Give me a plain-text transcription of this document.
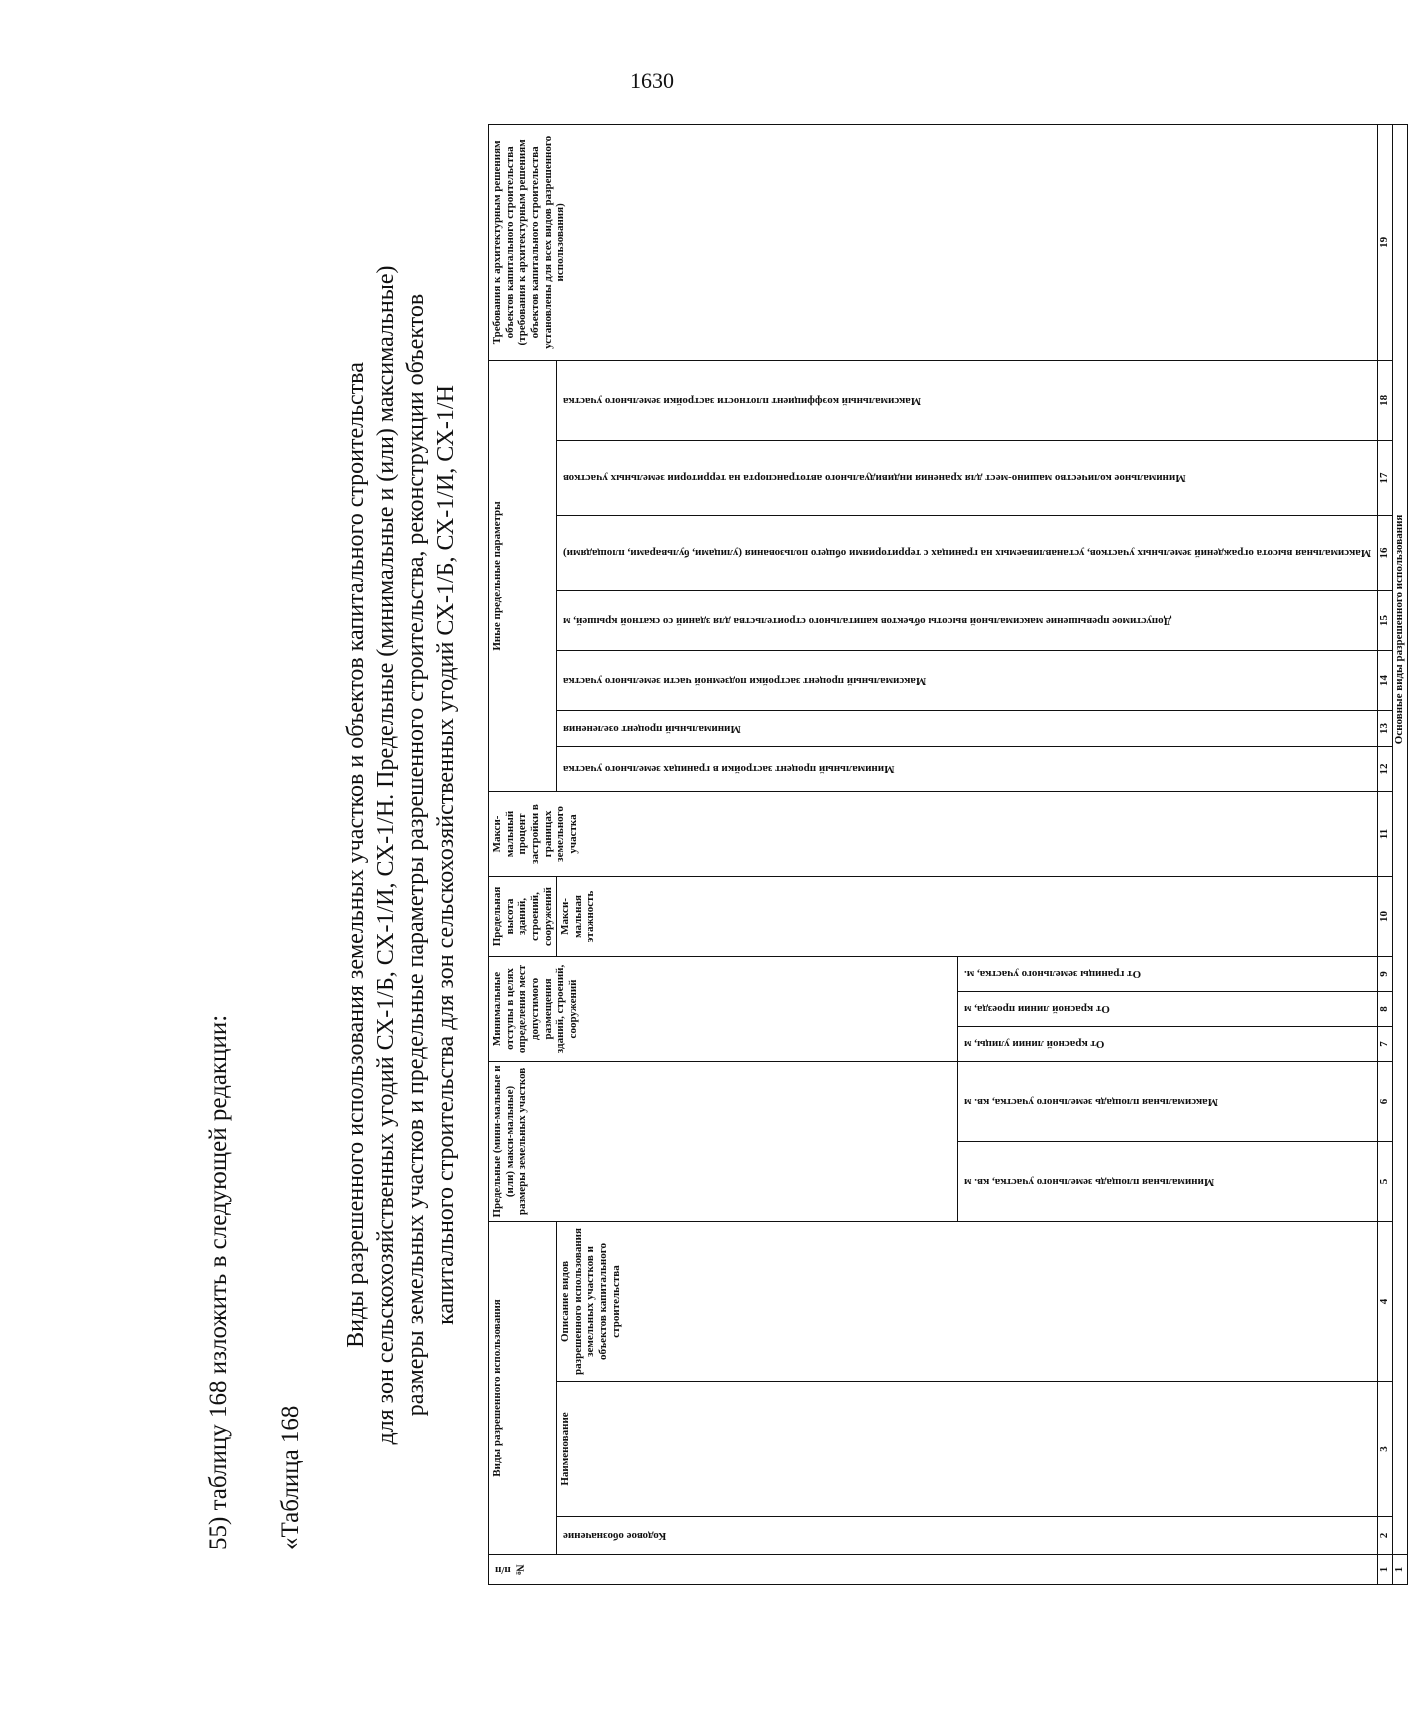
1630
55) таблицу 168 изложить в следующей редакции: «Таблица 168
Виды разрешенного использования земельных участков и объектов капитального строительства для зон сельскохозяйственных угодий СХ-1/Б, СХ-1/И, СХ-1/Н. Предельные (минимальные и (или) максимальные) размеры земельных участков и предельные параметры разрешенного строительства, реконструкции объектов капитального строительства для зон сельскохозяйственных угодий СХ-1/Б, СХ-1/И, СХ-1/Н
№ п/п	Виды разрешенного использования			Предельные (мини-мальные и (или) макси-мальные) размеры земельных участков		Минимальные отступы в целях определения мест допустимого размещения зданий, строений, сооружений			Предельная высота зданий, строений, сооружений	Макси-мальный процент застройки в границах земельного участка	Иные предельные параметры							Требования к архитектурным решениям объектов капитального строительства (требования к архитектурным решениям объектов капитального строительства установлены для всех видов разрешенного использования)

	Кодовое обозначение	Наименование	Описание видов разрешенного использования земельных участков и объектов капитального строительства						Макси-мальная этажность		Минимальный процент застройки в границах земельного участка	Минимальный процент озеленения	Максимальный процент застройки подземной части земельного участка	Допустимое превышение максимальной высоты объектов капитального строительства для зданий со скатной крышей, м	Максимальная высота ограждений земельных участков, устанавливаемых на границах с территориями общего пользования (улицами, бульварами, площадями)	Минимальное количество машино-мест для хранения индивидуального автотранспорта на территории земельных участков	Максимальный коэффициент плотности застройки земельного участка	

				Минимальная площадь земельного участка, кв. м	Максимальная площадь земельного участка, кв. м	От красной линии улицы, м	От красной линии проезда, м	От границы земельного участка, м.										

1	2	3	4	5	6	7	8	9	10	11	12	13	14	15	16	17	18	19
1	Основные виды разрешенного использования																	
